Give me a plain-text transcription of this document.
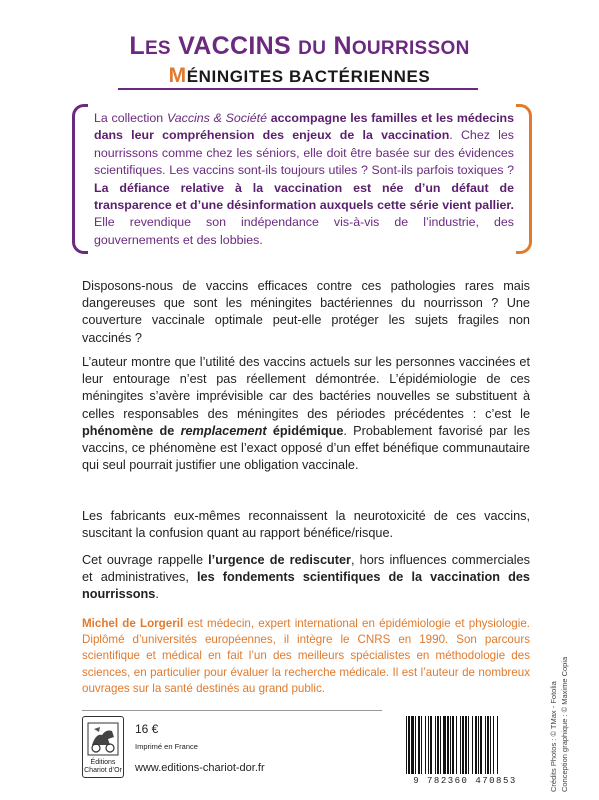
LES VACCINS DU NOURRISSON
MÉNINGITES BACTÉRIENNES

La collection Vaccins & Société accompagne les familles et les médecins dans leur compréhension des enjeux de la vaccination. Chez les nourrissons comme chez les séniors, elle doit être basée sur des évidences scientifiques. Les vaccins sont-ils toujours utiles ? Sont-ils parfois toxiques ? La défiance relative à la vaccination est née d’un défaut de transparence et d’une désinformation auxquels cette série vient pallier. Elle revendique son indépendance vis-à-vis de l’industrie, des gouvernements et des lobbies.

Disposons-nous de vaccins efficaces contre ces pathologies rares mais dangereuses que sont les méningites bactériennes du nourrisson ? Une couverture vaccinale optimale peut-elle protéger les sujets fragiles non vaccinés ?

L’auteur montre que l’utilité des vaccins actuels sur les personnes vaccinées et leur entourage n’est pas réellement démontrée. L’épidémiologie de ces méningites s’avère imprévisible car des bactéries nouvelles se substituent à celles responsables des méningites des périodes précédentes : c’est le phénomène de remplacement épidémique. Probablement favorisé par les vaccins, ce phénomène est l’exact opposé d’un effet bénéfique communautaire qui seul pourrait justifier une obligation vaccinale.

Les fabricants eux-mêmes reconnaissent la neurotoxicité de ces vaccins, suscitant la confusion quant au rapport bénéfice/risque.

Cet ouvrage rappelle l’urgence de rediscuter, hors influences commerciales et administratives, les fondements scientifiques de la vaccination des nourrissons.

Michel de Lorgeril est médecin, expert international en épidémiologie et physiologie. Diplômé d’universités européennes, il intègre le CNRS en 1990. Son parcours scientifique et médical en fait l’un des meilleurs spécialistes en méthodologie des sciences, en particulier pour évaluer la recherche médicale. Il est l’auteur de nombreux ouvrages sur la santé destinés au grand public.

Éditions
Chariot d’Or
16 €
Imprimé en France
www.editions-chariot-dor.fr
9 782360 470853	Crédits Photos : © TMax - Fotolia Conception graphique : © Maxime Copia
